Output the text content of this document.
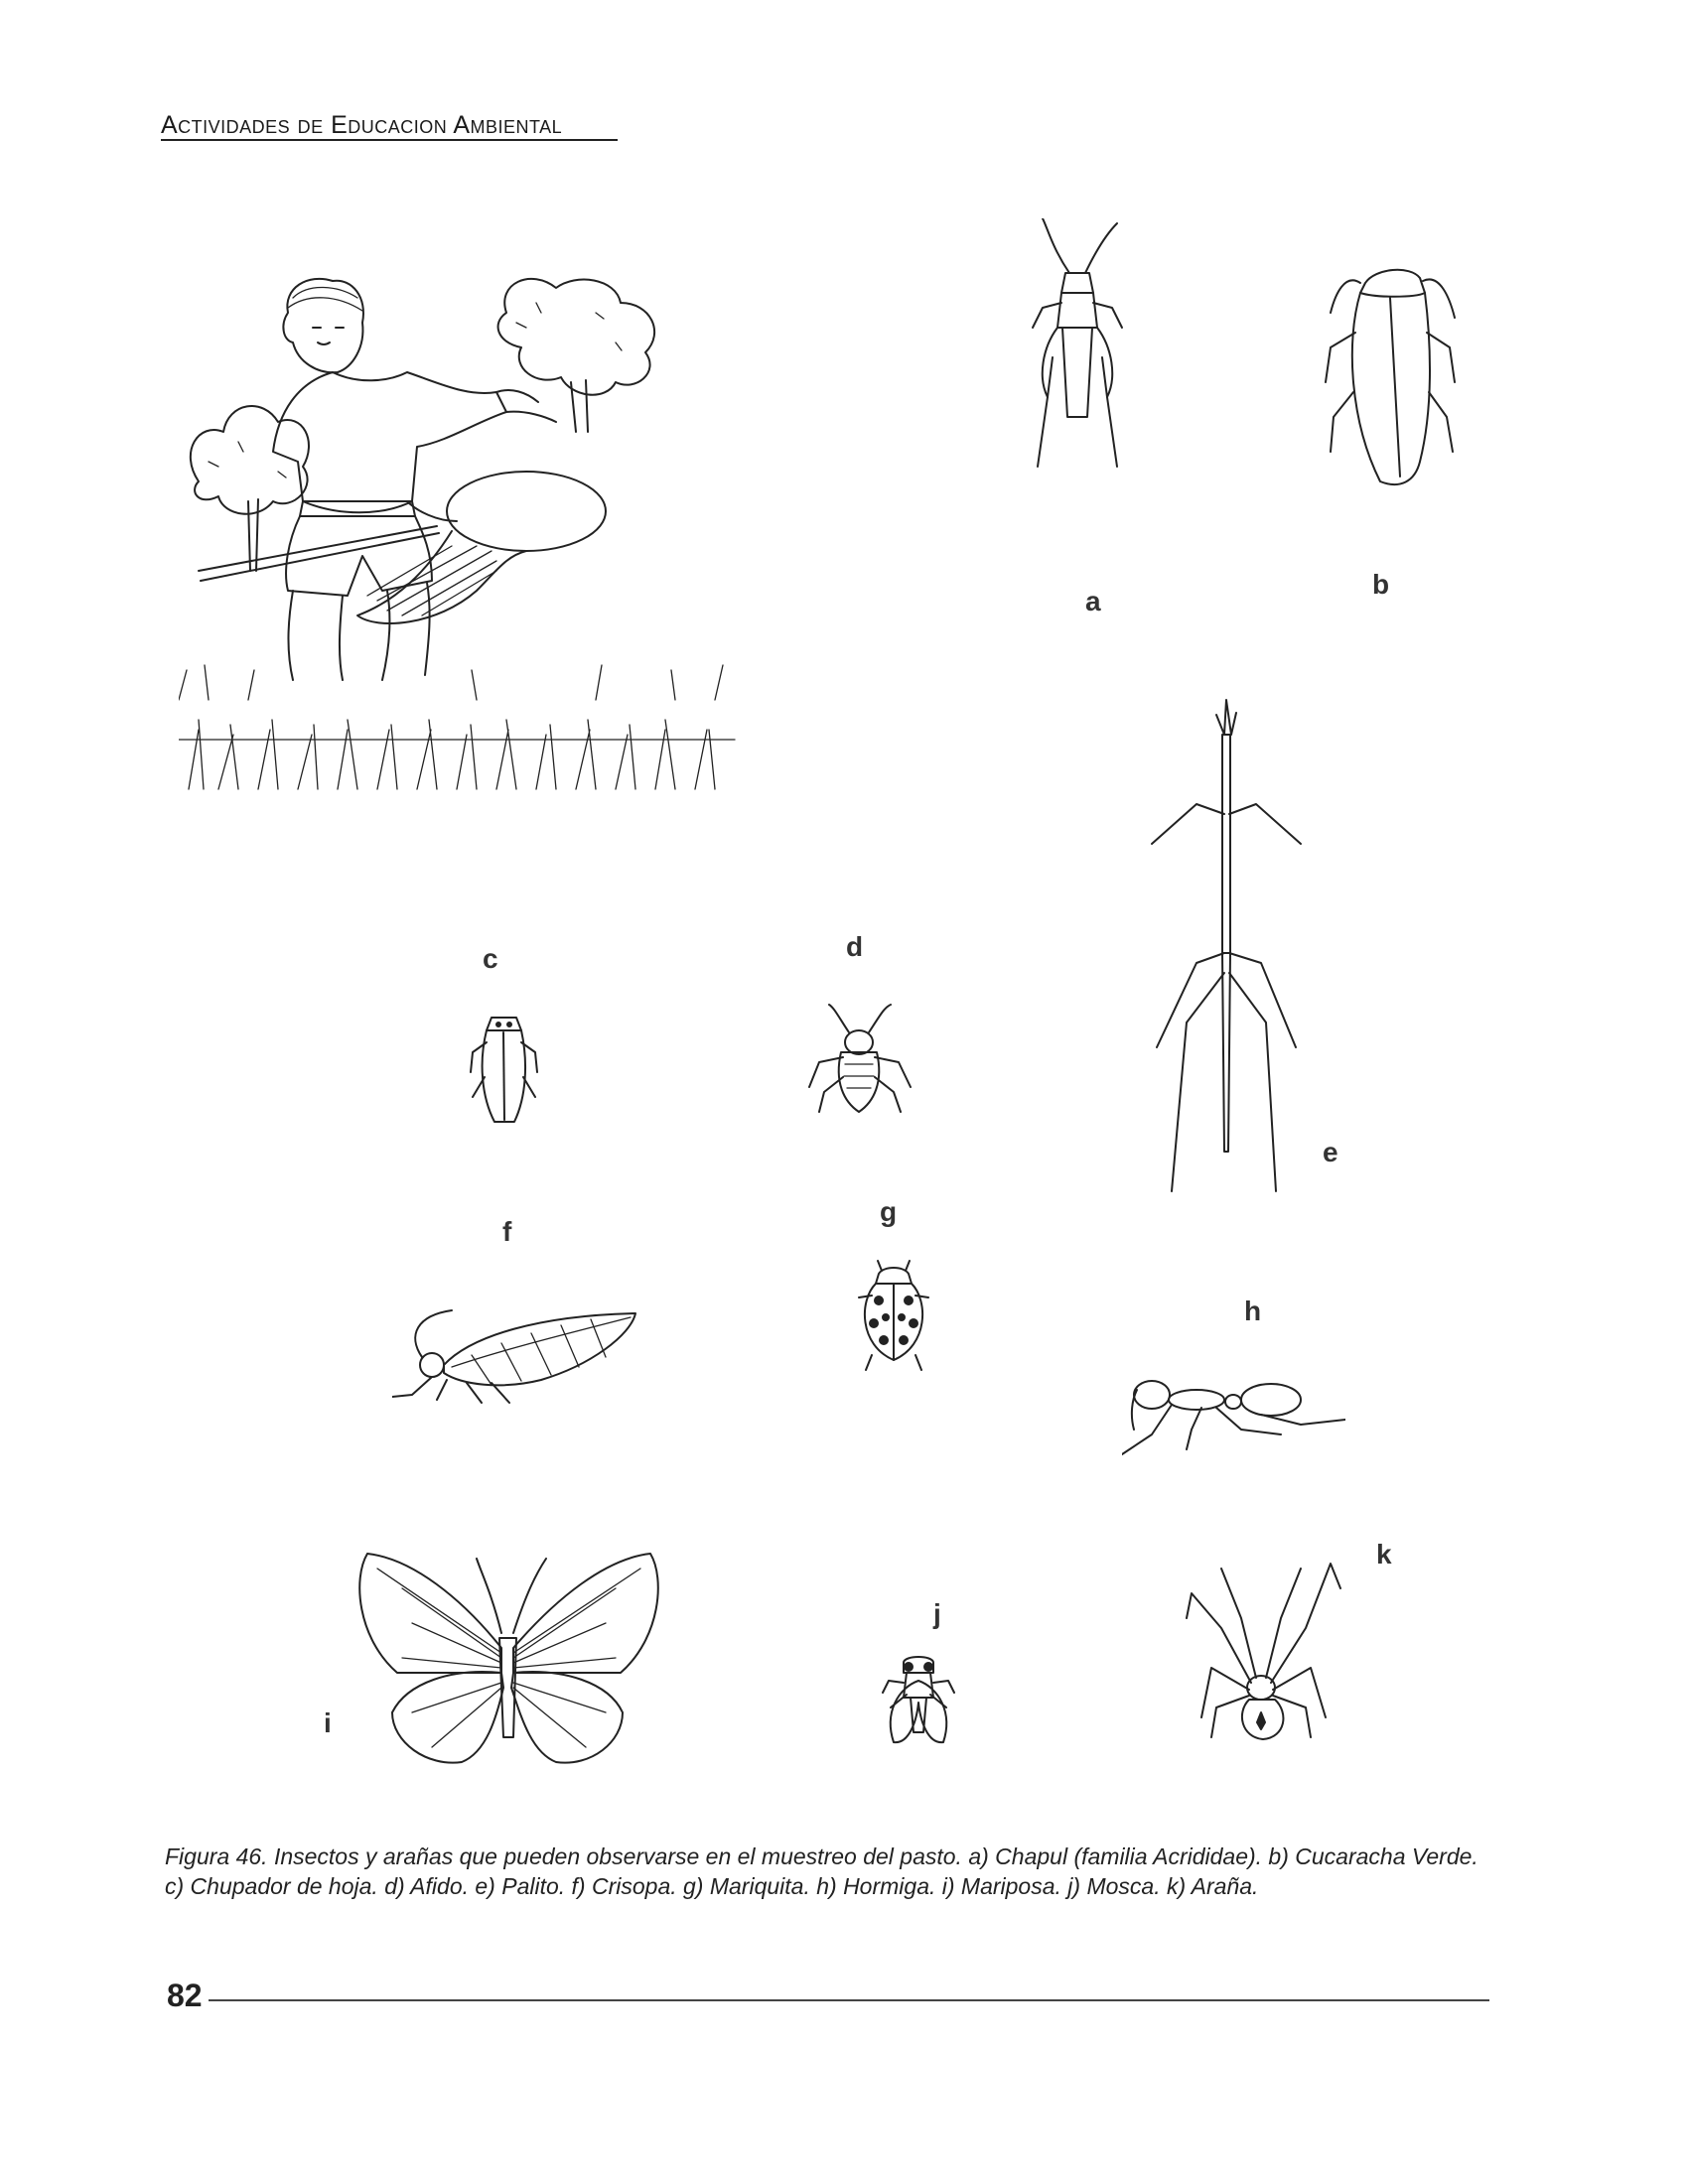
Actividades de Educacion Ambiental
a
b
c	d
e
f
g
h
i
j
k
Figura 46. Insectos y arañas que pueden observarse en el muestreo del pasto. a) Chapul (familia Acrididae). b) Cucaracha Verde. c) Chupador de hoja. d) Afido. e) Palito. f) Crisopa. g) Mariquita. h) Hormiga. i) Mariposa. j) Mosca. k) Araña.
82
